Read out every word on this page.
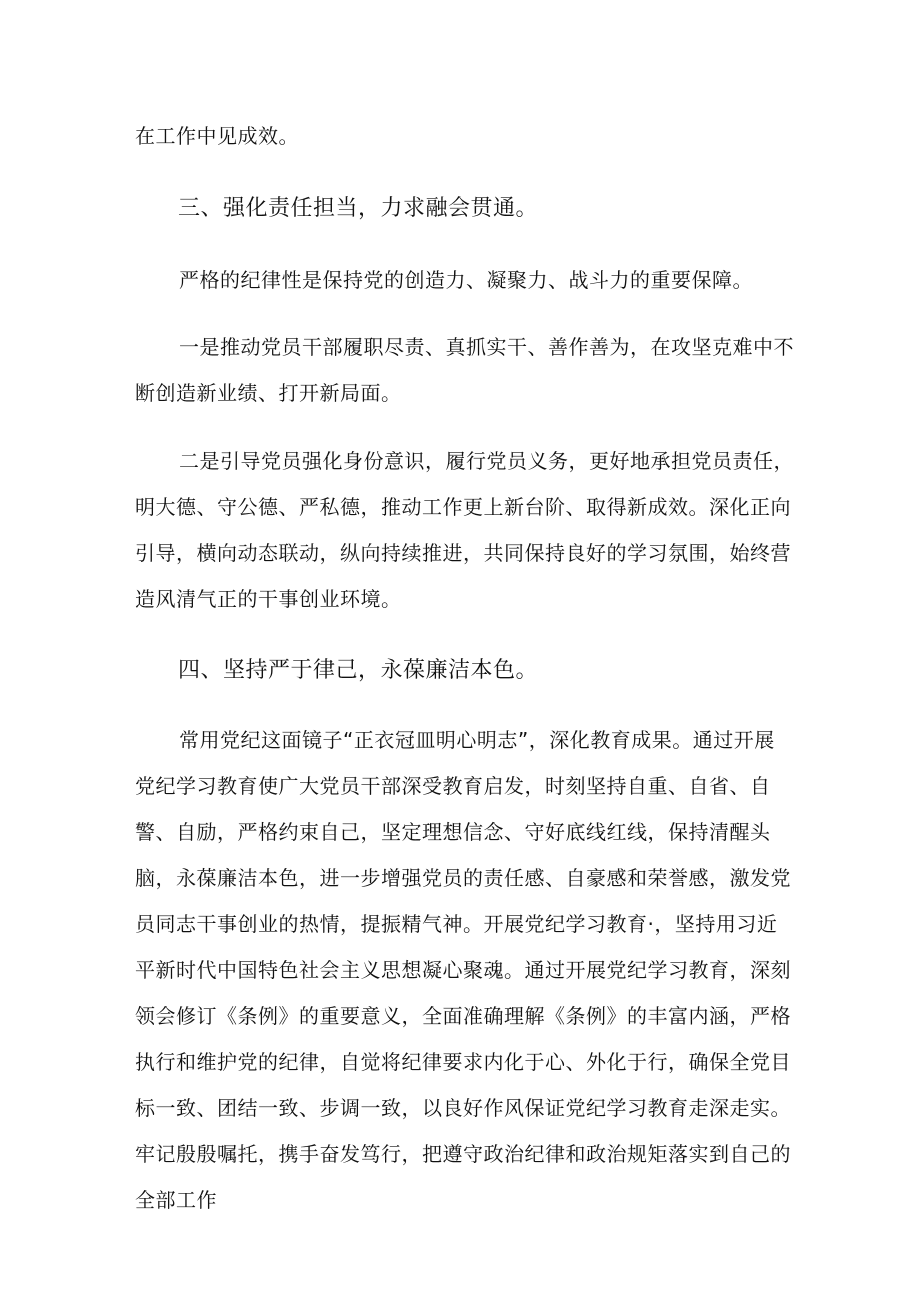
在工作中见成效。

三、强化责任担当，力求融会贯通。

严格的纪律性是保持党的创造力、凝聚力、战斗力的重要保障。

一是推动党员干部履职尽责、真抓实干、善作善为，在攻坚克难中不断创造新业绩、打开新局面。

二是引导党员强化身份意识，履行党员义务，更好地承担党员责任，明大德、守公德、严私德，推动工作更上新台阶、取得新成效。深化正向引导，横向动态联动，纵向持续推进，共同保持良好的学习氛围，始终营造风清气正的干事创业环境。

四、坚持严于律己，永葆廉洁本色。

常用党纪这面镜子“正衣冠皿明心明志”，深化教育成果。通过开展党纪学习教育使广大党员干部深受教育启发，时刻坚持自重、自省、自警、自励，严格约束自己，坚定理想信念、守好底线红线，保持清醒头脑，永葆廉洁本色，进一步增强党员的责任感、自豪感和荣誉感，激发党员同志干事创业的热情，提振精气神。开展党纪学习教育·，坚持用习近平新时代中国特色社会主义思想凝心聚魂。通过开展党纪学习教育，深刻领会修订《条例》的重要意义，全面准确理解《条例》的丰富内涵，严格执行和维护党的纪律，自觉将纪律要求内化于心、外化于行，确保全党目标一致、团结一致、步调一致，以良好作风保证党纪学习教育走深走实。牢记殷殷嘱托，携手奋发笃行，把遵守政治纪律和政治规矩落实到自己的全部工作
